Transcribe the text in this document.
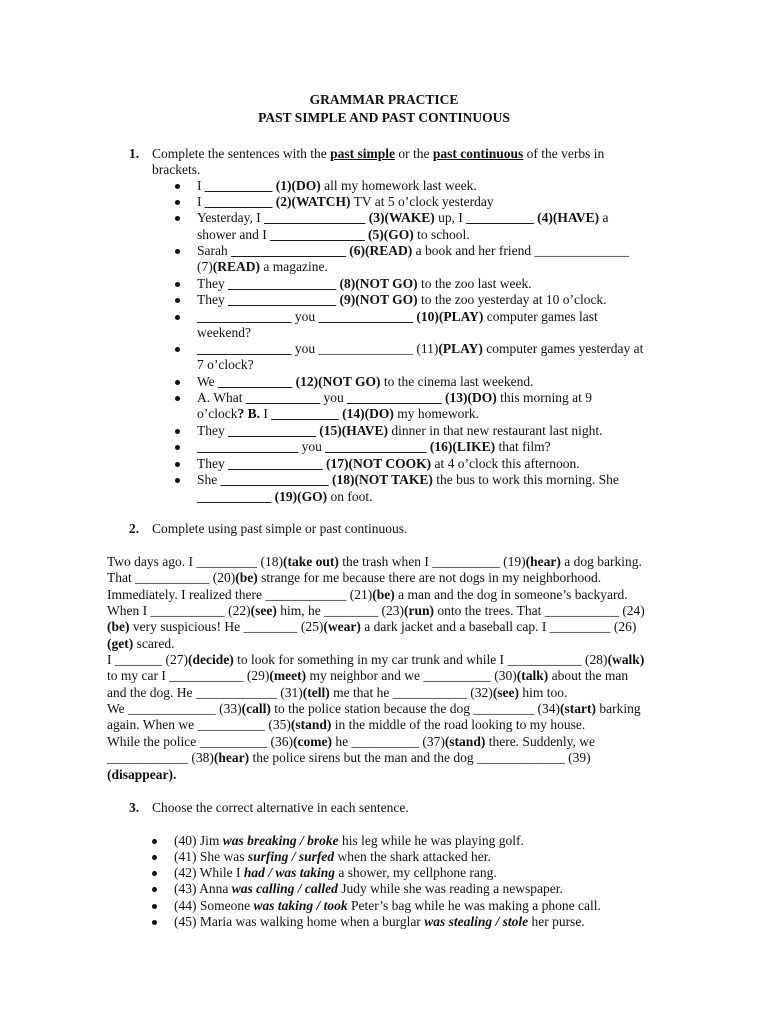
GRAMMAR PRACTICE
PAST SIMPLE AND PAST CONTINUOUS
1. Complete the sentences with the past simple or the past continuous of the verbs in
brackets.
I __________ (1)(DO) all my homework last week.
I __________ (2)(WATCH) TV at 5 o’clock yesterday
Yesterday, I _______________ (3)(WAKE) up, I __________ (4)(HAVE) a
shower and I ______________ (5)(GO) to school.
Sarah _________________ (6)(READ) a book and her friend ______________
(7)(READ) a magazine.
They ________________ (8)(NOT GO) to the zoo last week.
They ________________ (9)(NOT GO) to the zoo yesterday at 10 o’clock.
______________ you ______________ (10)(PLAY) computer games last
weekend?
______________ you ______________ (11)(PLAY) computer games yesterday at
7 o’clock?
We ___________ (12)(NOT GO) to the cinema last weekend.
A. What ___________ you ______________ (13)(DO) this morning at 9
o’clock? B. I __________ (14)(DO) my homework.
They _____________ (15)(HAVE) dinner in that new restaurant last night.
_______________ you _______________ (16)(LIKE) that film?
They ______________ (17)(NOT COOK) at 4 o’clock this afternoon.
She ________________ (18)(NOT TAKE) the bus to work this morning. She
___________ (19)(GO) on foot.
2. Complete using past simple or past continuous.
Two days ago. I _________ (18)(take out) the trash when I __________ (19)(hear) a dog barking.
That ___________ (20)(be) strange for me because there are not dogs in my neighborhood.
Immediately. I realized there ____________ (21)(be) a man and the dog in someone’s backyard.
When I ___________ (22)(see) him, he ________ (23)(run) onto the trees. That ___________ (24)
(be) very suspicious! He ________ (25)(wear) a dark jacket and a baseball cap. I _________ (26)
(get) scared.
I _______ (27)(decide) to look for something in my car trunk and while I ___________ (28)(walk)
to my car I ___________ (29)(meet) my neighbor and we __________ (30)(talk) about the man
and the dog. He ____________ (31)(tell) me that he ___________ (32)(see) him too.
We _____________ (33)(call) to the police station because the dog _________ (34)(start) barking
again. When we __________ (35)(stand) in the middle of the road looking to my house.
While the police __________ (36)(come) he __________ (37)(stand) there. Suddenly, we
____________ (38)(hear) the police sirens but the man and the dog _____________ (39)
(disappear).
3. Choose the correct alternative in each sentence.
(40) Jim was breaking / broke his leg while he was playing golf.
(41) She was surfing / surfed when the shark attacked her.
(42) While I had / was taking a shower, my cellphone rang.
(43) Anna was calling / called Judy while she was reading a newspaper.
(44) Someone was taking / took Peter’s bag while he was making a phone call.
(45) Maria was walking home when a burglar was stealing / stole her purse.
